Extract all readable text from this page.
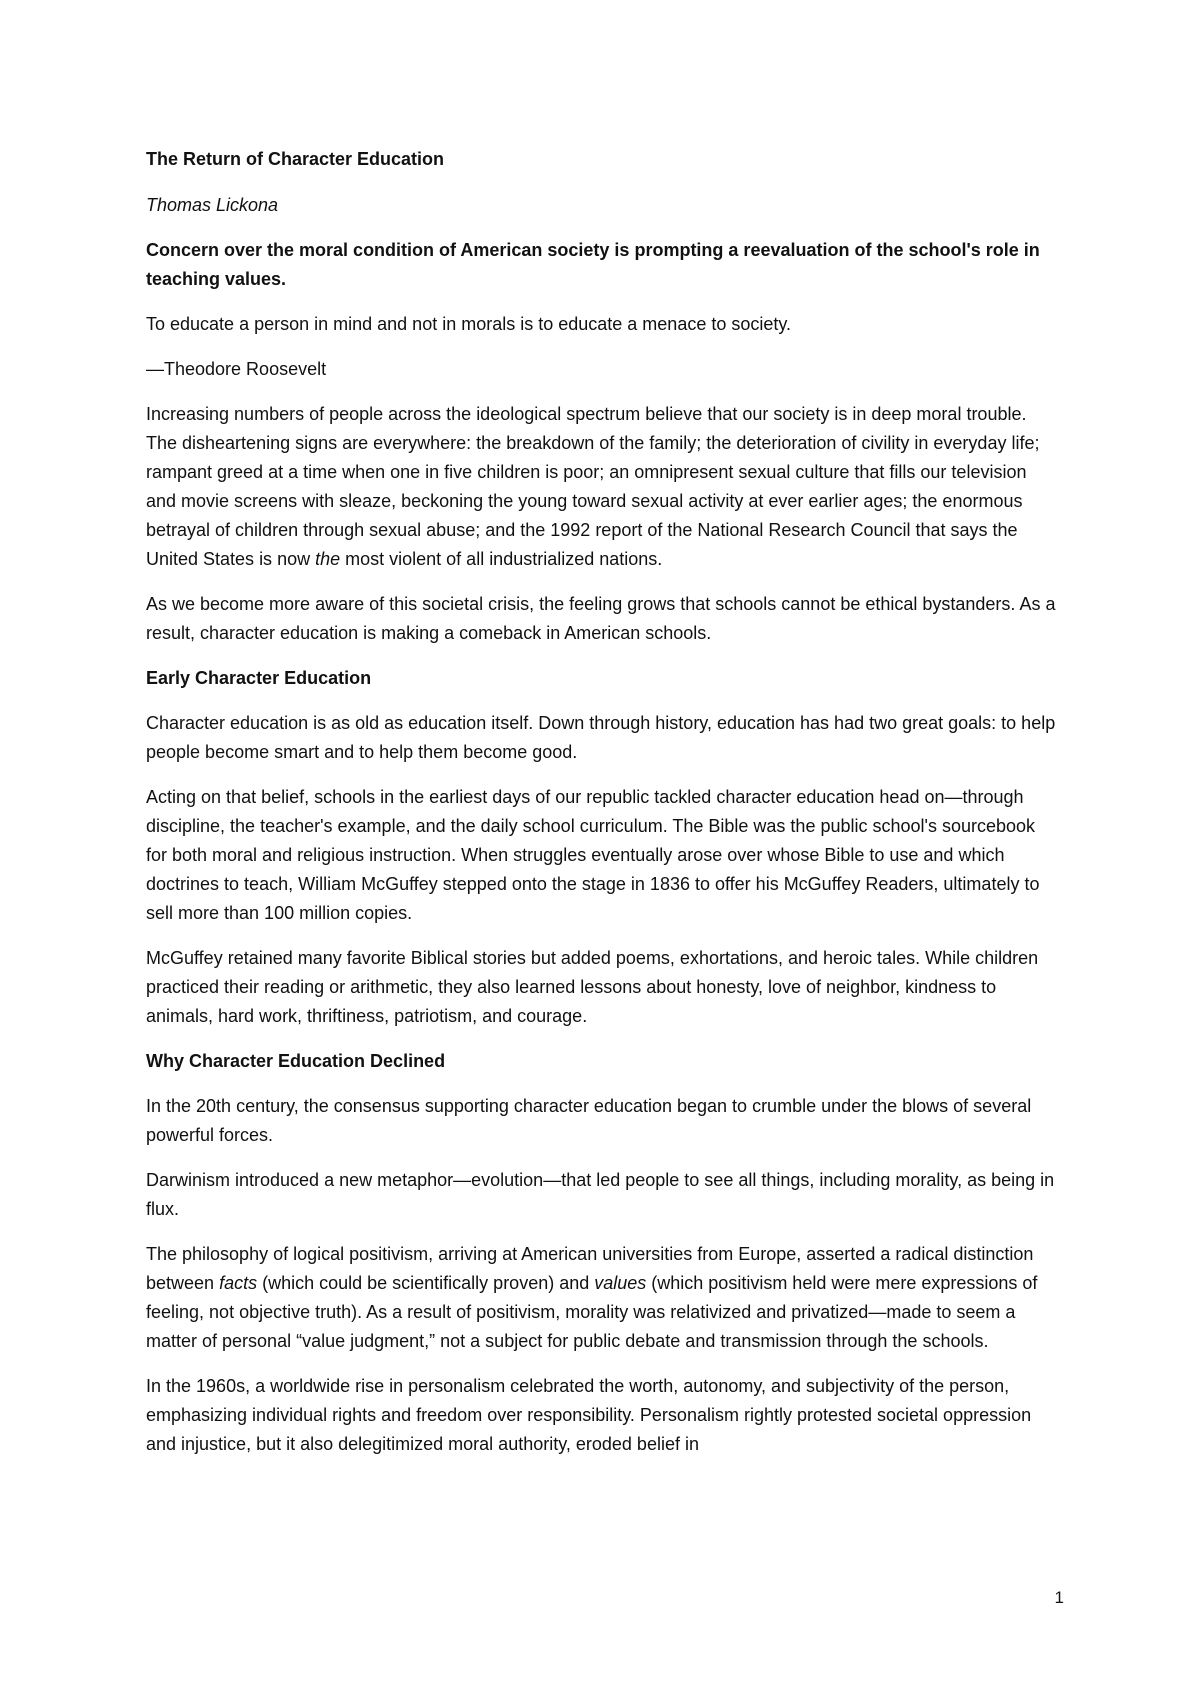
The Return of Character Education

Thomas Lickona

Concern over the moral condition of American society is prompting a reevaluation of the school's role in teaching values.

To educate a person in mind and not in morals is to educate a menace to society.

—Theodore Roosevelt

Increasing numbers of people across the ideological spectrum believe that our society is in deep moral trouble. The disheartening signs are everywhere: the breakdown of the family; the deterioration of civility in everyday life; rampant greed at a time when one in five children is poor; an omnipresent sexual culture that fills our television and movie screens with sleaze, beckoning the young toward sexual activity at ever earlier ages; the enormous betrayal of children through sexual abuse; and the 1992 report of the National Research Council that says the United States is now the most violent of all industrialized nations.

As we become more aware of this societal crisis, the feeling grows that schools cannot be ethical bystanders. As a result, character education is making a comeback in American schools.

Early Character Education

Character education is as old as education itself. Down through history, education has had two great goals: to help people become smart and to help them become good.

Acting on that belief, schools in the earliest days of our republic tackled character education head on—through discipline, the teacher's example, and the daily school curriculum. The Bible was the public school's sourcebook for both moral and religious instruction. When struggles eventually arose over whose Bible to use and which doctrines to teach, William McGuffey stepped onto the stage in 1836 to offer his McGuffey Readers, ultimately to sell more than 100 million copies.

McGuffey retained many favorite Biblical stories but added poems, exhortations, and heroic tales. While children practiced their reading or arithmetic, they also learned lessons about honesty, love of neighbor, kindness to animals, hard work, thriftiness, patriotism, and courage.

Why Character Education Declined

In the 20th century, the consensus supporting character education began to crumble under the blows of several powerful forces.

Darwinism introduced a new metaphor—evolution—that led people to see all things, including morality, as being in flux.

The philosophy of logical positivism, arriving at American universities from Europe, asserted a radical distinction between facts (which could be scientifically proven) and values (which positivism held were mere expressions of feeling, not objective truth). As a result of positivism, morality was relativized and privatized—made to seem a matter of personal “value judgment,” not a subject for public debate and transmission through the schools.

In the 1960s, a worldwide rise in personalism celebrated the worth, autonomy, and subjectivity of the person, emphasizing individual rights and freedom over responsibility. Personalism rightly protested societal oppression and injustice, but it also delegitimized moral authority, eroded belief in

1
